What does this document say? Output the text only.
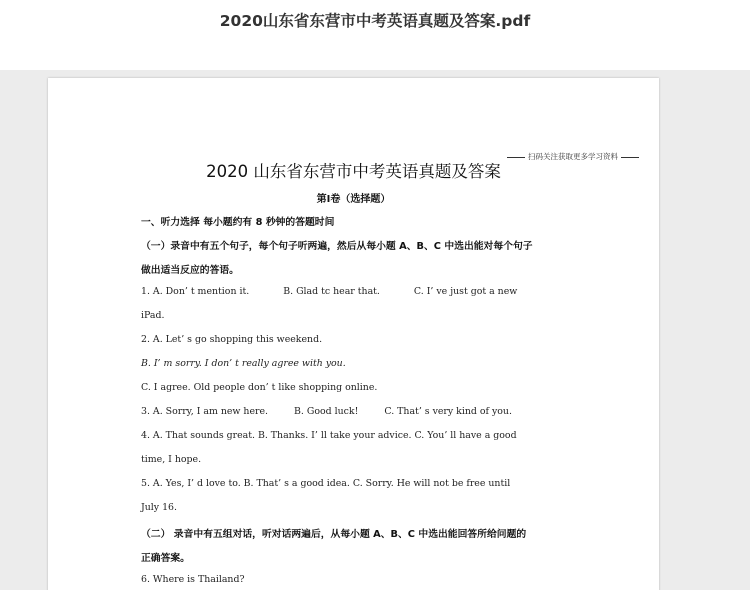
2020山东省东营市中考英语真题及答案.pdf
扫码关注获取更多学习资料
2020 山东省东营市中考英语真题及答案
第Ⅰ卷（选择题）
一、听力选择 每小题约有 8 秒钟的答题时间
（一）录音中有五个句子，每个句子听两遍，然后从每小题 A、B、C 中选出能对每个句子
做出适当反应的答语。
1. A. Don’ t mention it.	B. Glad tc hear that.	C. I’ ve just got a new
iPad.
2. A. Let’ s go shopping this weekend.
B. I’ m sorry. I don’ t really agree with you.
C. I agree. Old people don’ t like shopping online.
3. A. Sorry, I am new here.	B. Good luck!	C. That’ s very kind of you.
4. A. That sounds great. B. Thanks. I’ ll take your advice. C. You’ ll have a good
time, I hope.
5. A. Yes, I’ d love to. B. That’ s a good idea. C. Sorry. He will not be free until
July 16.
（二） 录音中有五组对话，听对话两遍后，从每小题 A、B、C 中选出能回答所给问题的
正确答案。
6. Where is Thailand?
